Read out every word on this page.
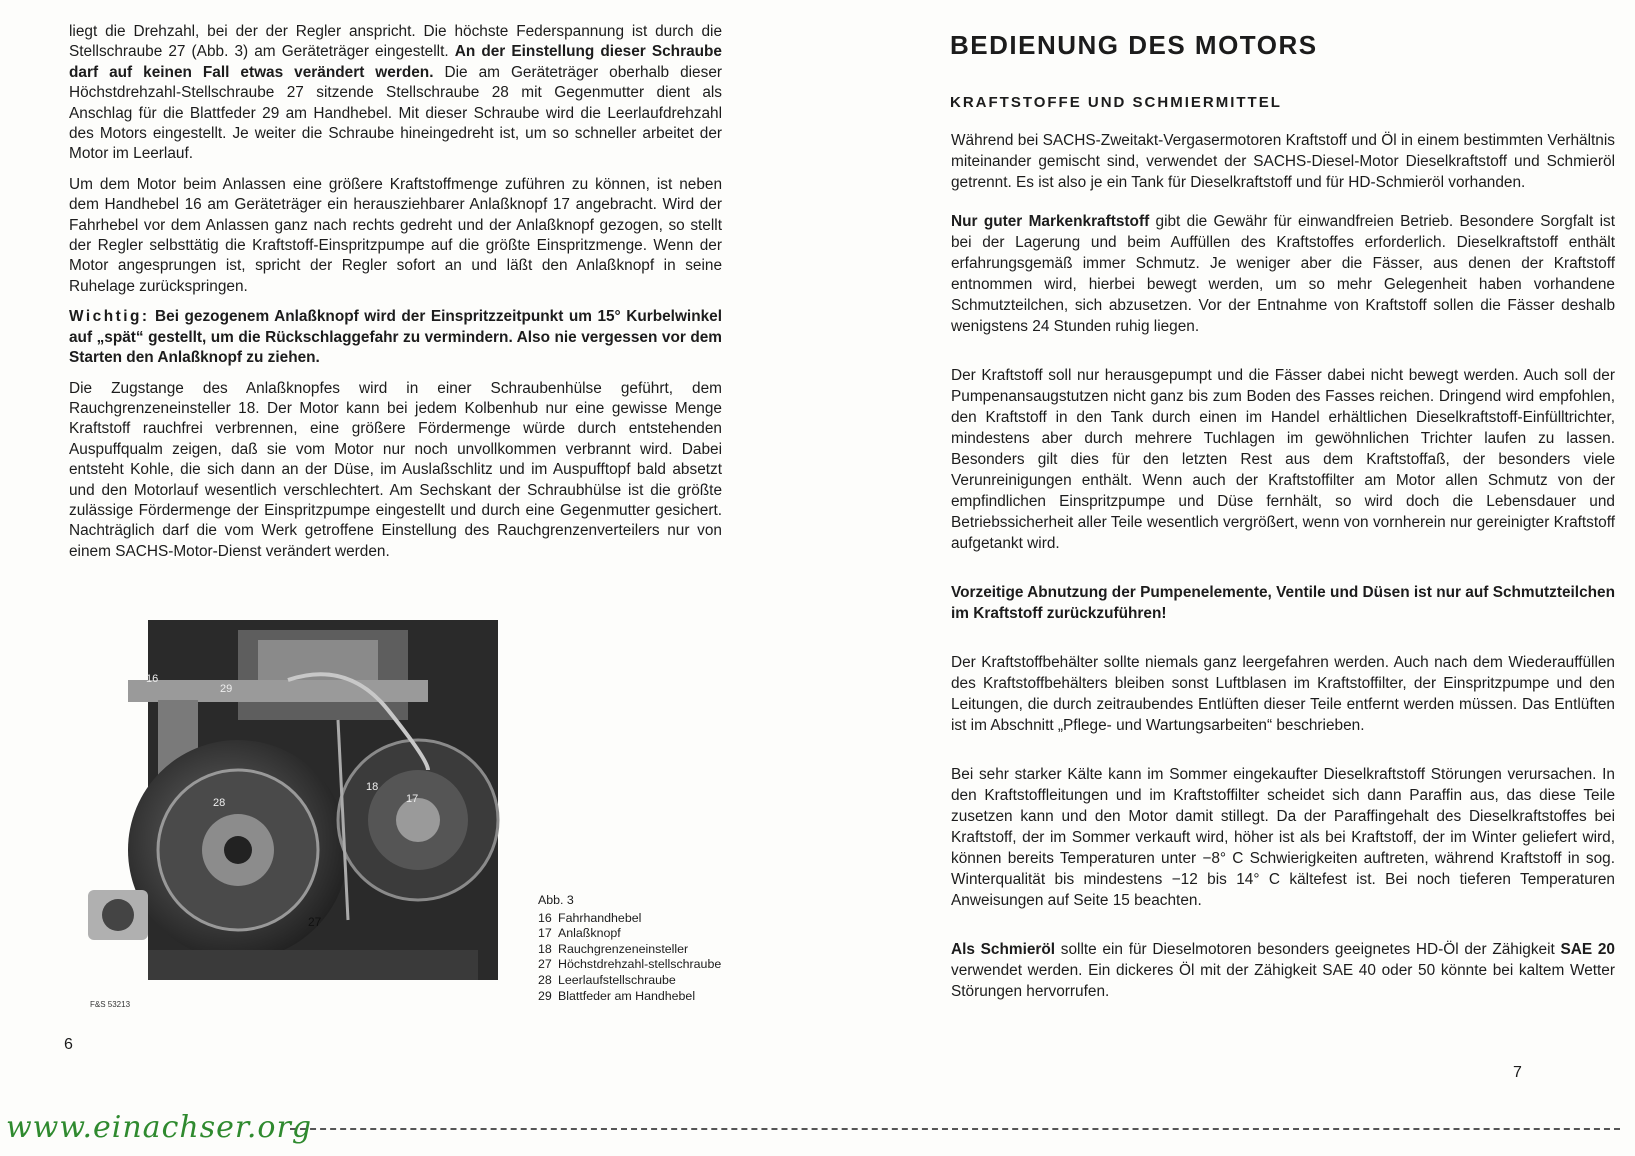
liegt die Drehzahl, bei der der Regler anspricht. Die höchste Federspannung ist durch die Stellschraube 27 (Abb. 3) am Geräteträger eingestellt. An der Einstellung dieser Schraube darf auf keinen Fall etwas verändert werden. Die am Geräteträger oberhalb dieser Höchstdrehzahl-Stellschraube 27 sitzende Stellschraube 28 mit Gegenmutter dient als Anschlag für die Blattfeder 29 am Handhebel. Mit dieser Schraube wird die Leerlaufdrehzahl des Motors eingestellt. Je weiter die Schraube hineingedreht ist, um so schneller arbeitet der Motor im Leerlauf.

Um dem Motor beim Anlassen eine größere Kraftstoffmenge zuführen zu können, ist neben dem Handhebel 16 am Geräteträger ein herausziehbarer Anlaßknopf 17 angebracht. Wird der Fahrhebel vor dem Anlassen ganz nach rechts gedreht und der Anlaßknopf gezogen, so stellt der Regler selbsttätig die Kraftstoff-Einspritzpumpe auf die größte Einspritzmenge. Wenn der Motor angesprungen ist, spricht der Regler sofort an und läßt den Anlaßknopf in seine Ruhelage zurückspringen.

Wichtig: Bei gezogenem Anlaßknopf wird der Einspritzzeitpunkt um 15° Kurbelwinkel auf „spät“ gestellt, um die Rückschlaggefahr zu vermindern. Also nie vergessen vor dem Starten den Anlaßknopf zu ziehen.

Die Zugstange des Anlaßknopfes wird in einer Schraubenhülse geführt, dem Rauchgrenzeneinsteller 18. Der Motor kann bei jedem Kolbenhub nur eine gewisse Menge Kraftstoff rauchfrei verbrennen, eine größere Fördermenge würde durch entstehenden Auspuffqualm zeigen, daß sie vom Motor nur noch unvollkommen verbrannt wird. Dabei entsteht Kohle, die sich dann an der Düse, im Auslaßschlitz und im Auspufftopf bald absetzt und den Motorlauf wesentlich verschlechtert. Am Sechskant der Schraubhülse ist die größte zulässige Fördermenge der Einspritzpumpe eingestellt und durch eine Gegenmutter gesichert. Nachträglich darf die vom Werk getroffene Einstellung des Rauchgrenzenverteilers nur von einem SACHS-Motor-Dienst verändert werden.

29
28
18
17
27
16
F&S 53213
Abb. 3
16 Fahrhandhebel
17 Anlaßknopf
18 Rauchgrenzeneinsteller
27 Höchstdrehzahl-stellschraube
28 Leerlaufstellschraube
29 Blattfeder am Handhebel
6
BEDIENUNG DES MOTORS
KRAFTSTOFFE UND SCHMIERMITTEL

Während bei SACHS-Zweitakt-Vergasermotoren Kraftstoff und Öl in einem bestimmten Verhältnis miteinander gemischt sind, verwendet der SACHS-Diesel-Motor Dieselkraftstoff und Schmieröl getrennt. Es ist also je ein Tank für Dieselkraftstoff und für HD-Schmieröl vorhanden.

Nur guter Markenkraftstoff gibt die Gewähr für einwandfreien Betrieb. Besondere Sorgfalt ist bei der Lagerung und beim Auffüllen des Kraftstoffes erforderlich. Dieselkraftstoff enthält erfahrungsgemäß immer Schmutz. Je weniger aber die Fässer, aus denen der Kraftstoff entnommen wird, hierbei bewegt werden, um so mehr Gelegenheit haben vorhandene Schmutzteilchen, sich abzusetzen. Vor der Entnahme von Kraftstoff sollen die Fässer deshalb wenigstens 24 Stunden ruhig liegen.

Der Kraftstoff soll nur herausgepumpt und die Fässer dabei nicht bewegt werden. Auch soll der Pumpenansaugstutzen nicht ganz bis zum Boden des Fasses reichen. Dringend wird empfohlen, den Kraftstoff in den Tank durch einen im Handel erhältlichen Dieselkraftstoff-Einfülltrichter, mindestens aber durch mehrere Tuchlagen im gewöhnlichen Trichter laufen zu lassen. Besonders gilt dies für den letzten Rest aus dem Kraftstoffaß, der besonders viele Verunreinigungen enthält. Wenn auch der Kraftstoffilter am Motor allen Schmutz von der empfindlichen Einspritzpumpe und Düse fernhält, so wird doch die Lebensdauer und Betriebssicherheit aller Teile wesentlich vergrößert, wenn von vornherein nur gereinigter Kraftstoff aufgetankt wird.

Vorzeitige Abnutzung der Pumpenelemente, Ventile und Düsen ist nur auf Schmutzteilchen im Kraftstoff zurückzuführen!

Der Kraftstoffbehälter sollte niemals ganz leergefahren werden. Auch nach dem Wiederauffüllen des Kraftstoffbehälters bleiben sonst Luftblasen im Kraftstoffilter, der Einspritzpumpe und den Leitungen, die durch zeitraubendes Entlüften dieser Teile entfernt werden müssen. Das Entlüften ist im Abschnitt „Pflege- und Wartungsarbeiten“ beschrieben.

Bei sehr starker Kälte kann im Sommer eingekaufter Dieselkraftstoff Störungen verursachen. In den Kraftstoffleitungen und im Kraftstoffilter scheidet sich dann Paraffin aus, das diese Teile zusetzen kann und den Motor damit stillegt. Da der Paraffingehalt des Dieselkraftstoffes bei Kraftstoff, der im Sommer verkauft wird, höher ist als bei Kraftstoff, der im Winter geliefert wird, können bereits Temperaturen unter −8° C Schwierigkeiten auftreten, während Kraftstoff in sog. Winterqualität bis mindestens −12 bis 14° C kältefest ist. Bei noch tieferen Temperaturen Anweisungen auf Seite 15 beachten.

Als Schmieröl sollte ein für Dieselmotoren besonders geeignetes HD-Öl der Zähigkeit SAE 20 verwendet werden. Ein dickeres Öl mit der Zähigkeit SAE 40 oder 50 könnte bei kaltem Wetter Störungen hervorrufen.

7
www.einachser.org
